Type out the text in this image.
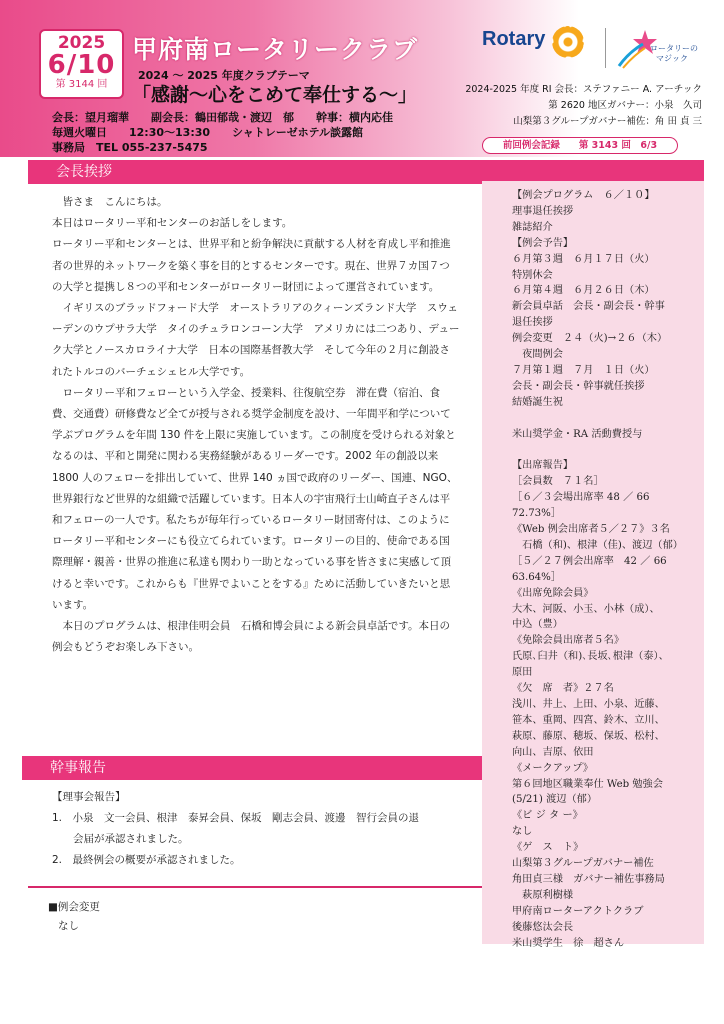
2025
6/10
第 3144 回
甲府南ロータリークラブ
2024 ～ 2025 年度クラブテーマ
「感謝～心をこめて奉仕する～」
会長：望月瑠華　　副会長：鶴田郁哉・渡辺　郁　　幹事：横内応佳
毎週火曜日　　12:30～13:30　　シャトレーゼホテル談露館
事務局　TEL 055-237-5475
Rotary	ロータリーの
マジック
2024-2025 年度 RI 会長：ステファニー A. アーチック
第 2620 地区ガバナー：小泉　久司
山梨第３グループガバナー補佐：角 田 貞 三
前回例会記録　　第 3143 回　6/3
会長挨拶

　皆さま　こんにちは。

本日はロータリー平和センターのお話しをします。

ロータリー平和センターとは、世界平和と紛争解決に貢献する人材を育成し平和推進者の世界的ネットワークを築く事を目的とするセンターです。現在、世界７カ国７つの大学と提携し８つの平和センターがロータリー財団によって運営されています。

　イギリスのブラッドフォード大学　オーストラリアのクィーンズランド大学　スウェーデンのウプサラ大学　タイのチュラロンコーン大学　アメリカには二つあり、デューク大学とノースカロライナ大学　日本の国際基督教大学　そして今年の２月に創設されたトルコのバーチェシェヒル大学です。

　ロータリー平和フェローという入学金、授業料、往復航空券　滞在費（宿泊、食費、交通費）研修費など全てが授与される奨学金制度を設け、一年間平和学について学ぶプログラムを年間 130 件を上限に実施しています。この制度を受けられる対象となるのは、平和と開発に関わる実務経験があるリーダーです。2002 年の創設以来 1800 人のフェローを排出していて、世界 140 ヵ国で政府のリーダー、国連、NGO、世界銀行など世界的な組織で活躍しています。日本人の宇宙飛行士山崎直子さんは平和フェローの一人です。私たちが毎年行っているロータリー財団寄付は、このようにロータリー平和センターにも役立てられています。ロータリーの目的、使命である国際理解・親善・世界の推進に私達も関わり一助となっている事を皆さまに実感して頂けると幸いです。これからも『世界でよいことをする』ために活動していきたいと思います。

　本日のプログラムは、根津佳明会員　石橋和博会員による新会員卓話です。本日の例会もどうぞお楽しみ下さい。

【例会プログラム　６／１０】
理事退任挨拶
雑誌紹介
【例会予告】
６月第３週　６月１７日（火）
特別休会
６月第４週　６月２６日（木）
新会員卓話　会長・副会長・幹事
退任挨拶
例会変更　２４（火)→２６（木）
　夜間例会
７月第１週　７月　１日（火）
会長・副会長・幹事就任挨拶
結婚誕生祝

米山奨学金・RA 活動費授与

【出席報告】
［会員数　７１名］
［６／３会場出席率 48 ／ 66
72.73%］
《Web 例会出席者５／２７》３名
　石橋（和)、根津（佳)、渡辺（郁）
［５／２７例会出席率　42 ／ 66
63.64%］
《出席免除会員》
大木、河阪、小玉、小林（成）、
中込（豊）
《免除会員出席者５名》
氏原､臼井（和)､長坂､根津（泰）、
原田
《欠　席　者》２７名
浅川、井上、上田、小泉、近藤、
笹本、重岡、四宮、鈴木、立川、
萩原、藤原、穂坂、保坂、松村、
向山、吉原、依田
《メークアップ》
第６回地区職業奉仕 Web 勉強会
(5/21) 渡辺（郁）
《ビ ジ タ ー》
なし
《ゲ　ス　ト》
山梨第３グループガバナー補佐
角田貞三様　ガバナー補佐事務局
　萩原利樹様
甲府南ローターアクトクラブ
後藤悠汰会長
米山奨学生　徐　超さん
幹事報告
【理事会報告】
1.　小泉　文一会員、根津　泰昇会員、保坂　剛志会員、渡邊　智行会員の退
　　会届が承認されました。
2.　最終例会の概要が承認されました。
■例会変更
なし
